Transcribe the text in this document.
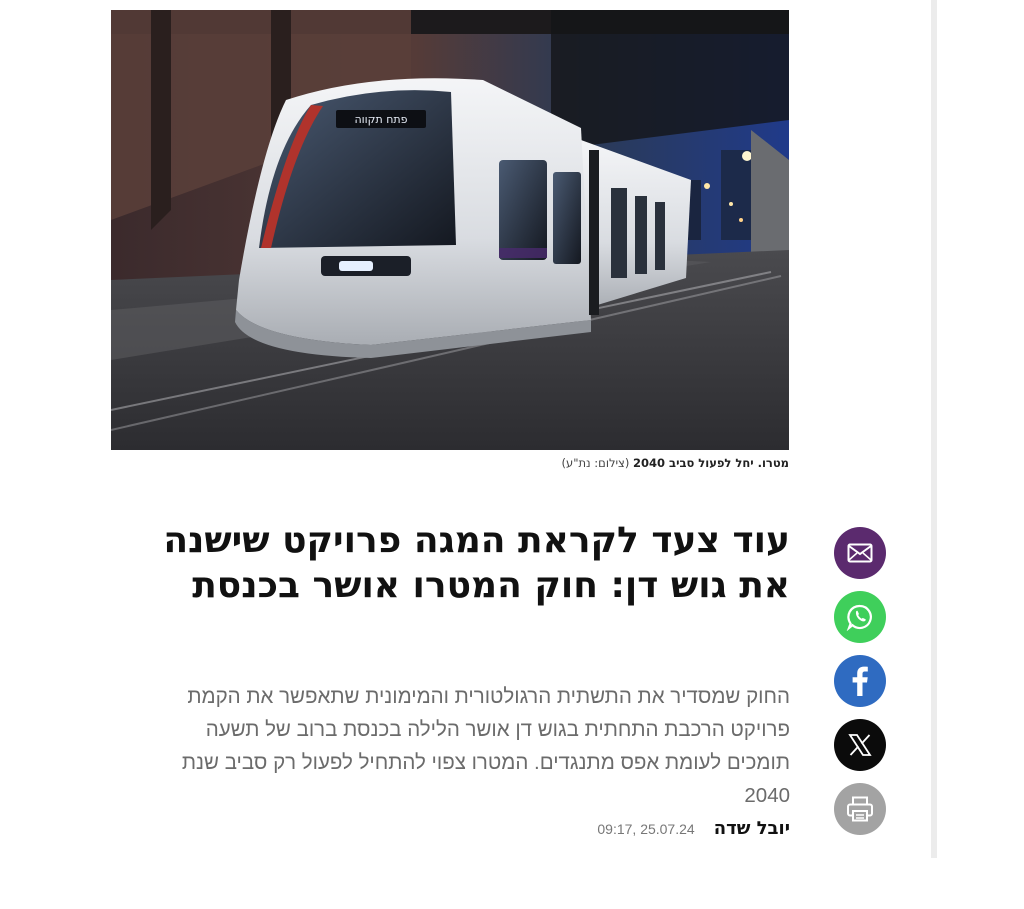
פתח תקווה
מטרו. יחל לפעול סביב 2040 (צילום: נת"ע)
עוד צעד לקראת המגה פרויקט שישנה את גוש דן: חוק המטרו אושר בכנסת

החוק שמסדיר את התשתית הרגולטורית והמימונית שתאפשר את הקמת פרויקט הרכבת התחתית בגוש דן אושר הלילה בכנסת ברוב של תשעה תומכים לעומת אפס מתנגדים. המטרו צפוי להתחיל לפעול רק סביב שנת 2040

יובל שדה 09:17, 25.07.24
